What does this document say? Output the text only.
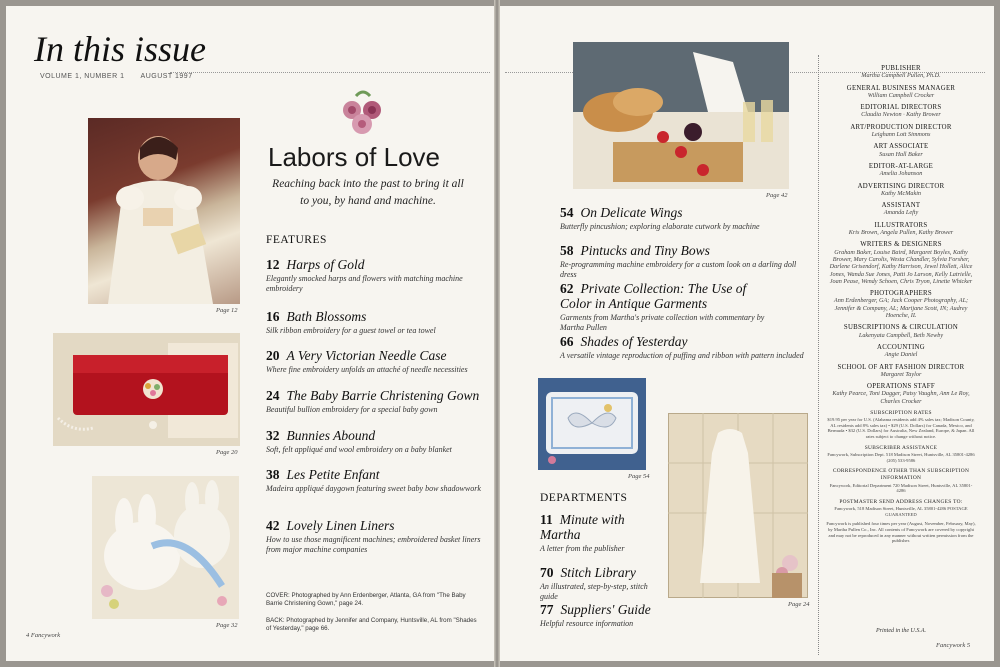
In this issue
VOLUME 1, NUMBER 1 AUGUST 1997
Page 12
Page 20
Page 32
Labors of Love
Reaching back into the past to bring it all to you, by hand and machine.
FEATURES
12 Harps of Gold
Elegantly smocked harps and flowers with matching machine embroidery
16 Bath Blossoms
Silk ribbon embroidery for a guest towel or tea towel
20 A Very Victorian Needle Case
Where fine embroidery unfolds an attaché of needle necessities
24 The Baby Barrie Christening Gown
Beautiful bullion embroidery for a special baby gown
32 Bunnies Abound
Soft, felt appliqué and wool embroidery on a baby blanket
38 Les Petite Enfant
Madeira appliqué daygown featuring sweet baby bow shadowwork
42 Lovely Linen Liners
How to use those magnificent machines; embroidered basket liners from major machine companies
COVER: Photographed by Ann Erdenberger, Atlanta, GA from "The Baby Barrie Christening Gown," page 24.
BACK: Photographed by Jennifer and Company, Huntsville, AL from "Shades of Yesterday," page 66.
4 Fancywork
Page 42
54 On Delicate Wings
Butterfly pincushion; exploring elaborate cutwork by machine
58 Pintucks and Tiny Bows
Re-programming machine embroidery for a custom look on a darling doll dress
62 Private Collection: The Use of Color in Antique Garments
Garments from Martha's private collection with commentary by Martha Pullen
66 Shades of Yesterday
A versatile vintage reproduction of puffing and ribbon with pattern included
Page 54
Page 24
DEPARTMENTS
11 Minute with Martha
A letter from the publisher
70 Stitch Library
An illustrated, step-by-step, stitch guide
77 Suppliers' Guide
Helpful resource information
PUBLISHER
Martha Campbell Pullen, Ph.D.
GENERAL BUSINESS MANAGER
William Campbell Crocker
EDITORIAL DIRECTORS
Claudia Newton · Kathy Brower
ART/PRODUCTION DIRECTOR
Leighann Lott Simmons
ART ASSOCIATE
Susan Hall Baker
EDITOR-AT-LARGE
Amelia Johanson
ADVERTISING DIRECTOR
Kathy McMakin
ASSISTANT
Amanda Lefty
ILLUSTRATORS
Kris Brown, Angela Pullen, Kathy Brower
WRITERS & DESIGNERS
Graham Baker, Louise Baird, Margaret Boyles, Kathy Brower, Mary Carolis, Westa Chandler, Sylvia Forsher, Darlene Grisendorf, Kathy Harrison, Jewel Hollett, Alice Jones, Wanda Sue Jones, Patti Jo Larson, Kelly Latrielle, Joan Pease, Wendy Schoen, Chris Tryon, Linette Whicker
PHOTOGRAPHERS
Ann Erdenberger, GA; Jack Cooper Photography, AL; Jennifer & Company, AL; Marijane Scott, IN; Audrey Hoenche, IL
SUBSCRIPTIONS & CIRCULATION
Lakenyata Campbell, Beth Newby
ACCOUNTING
Angie Daniel
SCHOOL OF ART FASHION DIRECTOR
Margaret Taylor
OPERATIONS STAFF
Kathy Pearce, Toni Dagger, Patsy Vaughn, Ann Le Roy, Charles Crocker
SUBSCRIPTION RATES
$19.95 per year for U.S. (Alabama residents add 4% sales tax; Madison County, AL residents add 8% sales tax) • $29 (U.S. Dollars) for Canada, Mexico, and Bermuda • $32 (U.S. Dollars) for Australia, New Zealand, Europe, & Japan. All rates subject to change without notice.
SUBSCRIBER ASSISTANCE
Fancywork, Subscription Dept. 518 Madison Street, Huntsville, AL 35801-4286 (205) 533-9586
CORRESPONDENCE OTHER THAN SUBSCRIPTION INFORMATION
Fancywork, Editorial Department 720 Madison Street, Huntsville, AL 35801-4286
POSTMASTER SEND ADDRESS CHANGES TO:
Fancywork, 518 Madison Street, Huntsville, AL 35801-4286 POSTAGE GUARANTEED
Fancywork is published four times per year (August, November, February, May), by Martha Pullen Co., Inc. All contents of Fancywork are covered by copyright and may not be reproduced in any manner without written permission from the publisher.
Printed in the U.S.A.
Fancywork 5
